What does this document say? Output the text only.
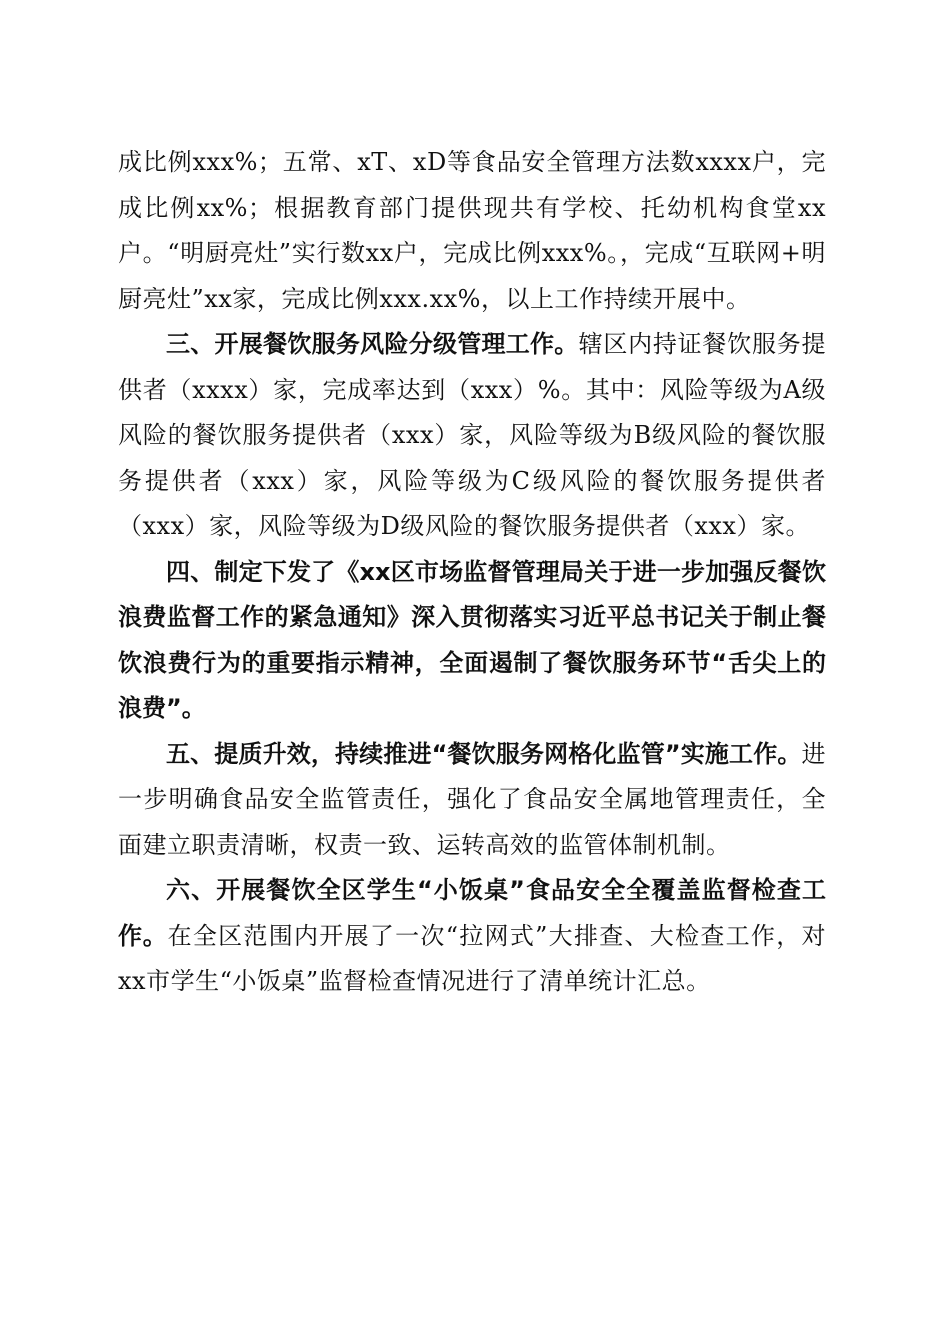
成比例xxx%；五常、xT、xD等食品安全管理方法数xxxx户，完成比例xx%；根据教育部门提供现共有学校、托幼机构食堂xx户。“明厨亮灶”实行数xx户，完成比例xxx%。，完成“互联网+明厨亮灶”xx家，完成比例xxx.xx%，以上工作持续开展中。

三、开展餐饮服务风险分级管理工作。辖区内持证餐饮服务提供者（xxxx）家，完成率达到（xxx）%。其中：风险等级为A级风险的餐饮服务提供者（xxx）家，风险等级为B级风险的餐饮服务提供者（xxx）家，风险等级为C级风险的餐饮服务提供者（xxx）家，风险等级为D级风险的餐饮服务提供者（xxx）家。

四、制定下发了《xx区市场监督管理局关于进一步加强反餐饮浪费监督工作的紧急通知》深入贯彻落实习近平总书记关于制止餐饮浪费行为的重要指示精神，全面遏制了餐饮服务环节“舌尖上的浪费”。

五、提质升效，持续推进“餐饮服务网格化监管”实施工作。进一步明确食品安全监管责任，强化了食品安全属地管理责任，全面建立职责清晰，权责一致、运转高效的监管体制机制。

六、开展餐饮全区学生“小饭桌”食品安全全覆盖监督检查工作。在全区范围内开展了一次“拉网式”大排查、大检查工作，对xx市学生“小饭桌”监督检查情况进行了清单统计汇总。
